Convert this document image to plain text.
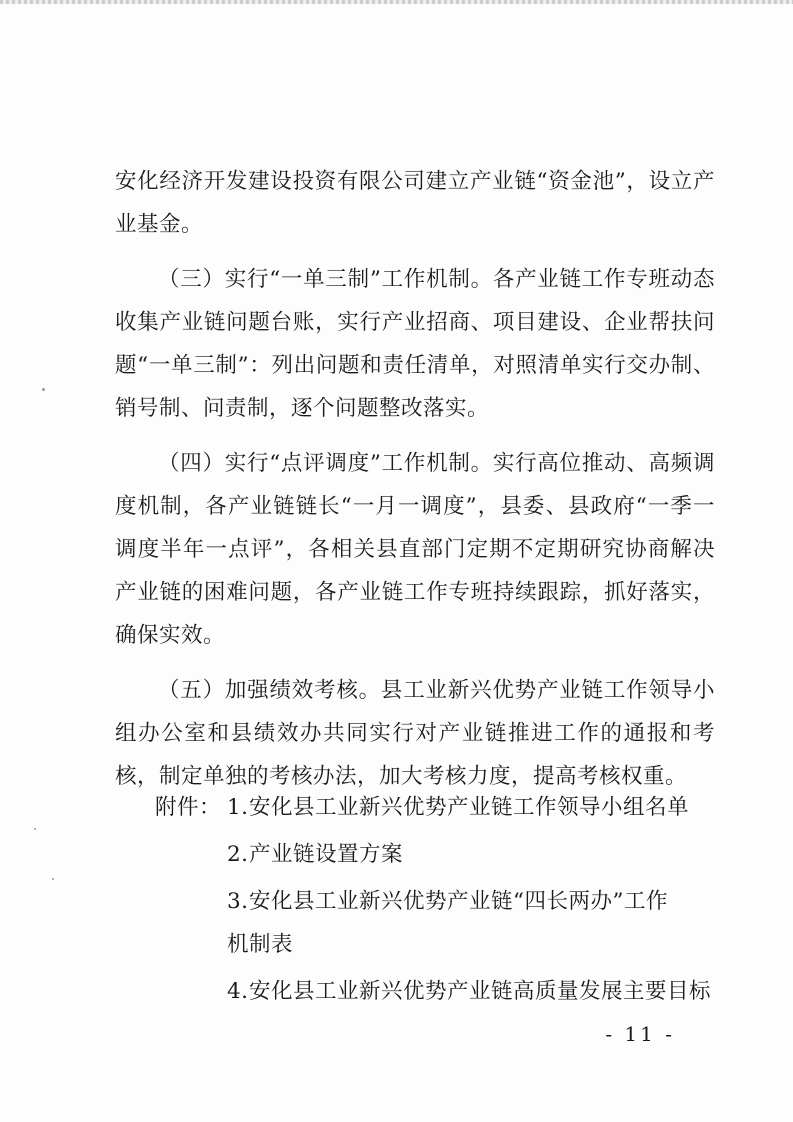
安化经济开发建设投资有限公司建立产业链“资金池”，设立产业基金。

（三）实行“一单三制”工作机制。各产业链工作专班动态收集产业链问题台账，实行产业招商、项目建设、企业帮扶问题“一单三制”：列出问题和责任清单，对照清单实行交办制、销号制、问责制，逐个问题整改落实。

（四）实行“点评调度”工作机制。实行高位推动、高频调度机制，各产业链链长“一月一调度”，县委、县政府“一季一调度半年一点评”，各相关县直部门定期不定期研究协商解决产业链的困难问题，各产业链工作专班持续跟踪，抓好落实，确保实效。

（五）加强绩效考核。县工业新兴优势产业链工作领导小组办公室和县绩效办共同实行对产业链推进工作的通报和考核，制定单独的考核办法，加大考核力度，提高考核权重。

附件： 1. 安化县工业新兴优势产业链工作领导小组名单
2. 产业链设置方案
3. 安化县工业新兴优势产业链“四长两办”工作
机制表
4. 安化县工业新兴优势产业链高质量发展主要目标
- 11 -
